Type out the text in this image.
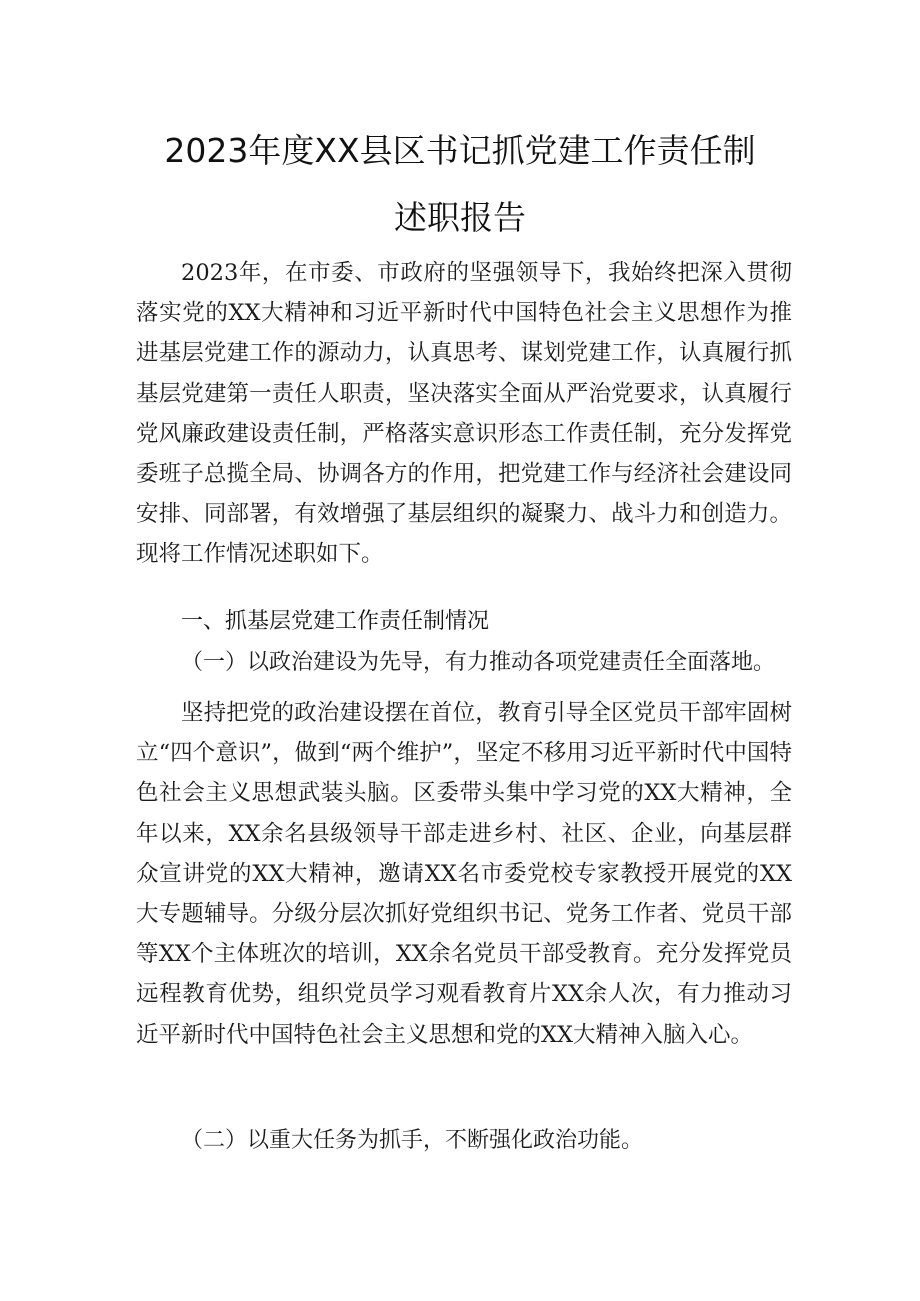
2023年度XX县区书记抓党建工作责任制
述职报告
2023年，在市委、市政府的坚强领导下，我始终把深入贯彻落实党的XX大精神和习近平新时代中国特色社会主义思想作为推进基层党建工作的源动力，认真思考、谋划党建工作，认真履行抓基层党建第一责任人职责，坚决落实全面从严治党要求，认真履行党风廉政建设责任制，严格落实意识形态工作责任制，充分发挥党委班子总揽全局、协调各方的作用，把党建工作与经济社会建设同安排、同部署，有效增强了基层组织的凝聚力、战斗力和创造力。现将工作情况述职如下。
一、抓基层党建工作责任制情况
（一）以政治建设为先导，有力推动各项党建责任全面落地。
坚持把党的政治建设摆在首位，教育引导全区党员干部牢固树立“四个意识”，做到“两个维护”，坚定不移用习近平新时代中国特色社会主义思想武装头脑。区委带头集中学习党的XX大精神，全年以来，XX余名县级领导干部走进乡村、社区、企业，向基层群众宣讲党的XX大精神，邀请XX名市委党校专家教授开展党的XX大专题辅导。分级分层次抓好党组织书记、党务工作者、党员干部等XX个主体班次的培训，XX余名党员干部受教育。充分发挥党员远程教育优势，组织党员学习观看教育片XX余人次，有力推动习近平新时代中国特色社会主义思想和党的XX大精神入脑入心。
（二）以重大任务为抓手，不断强化政治功能。
